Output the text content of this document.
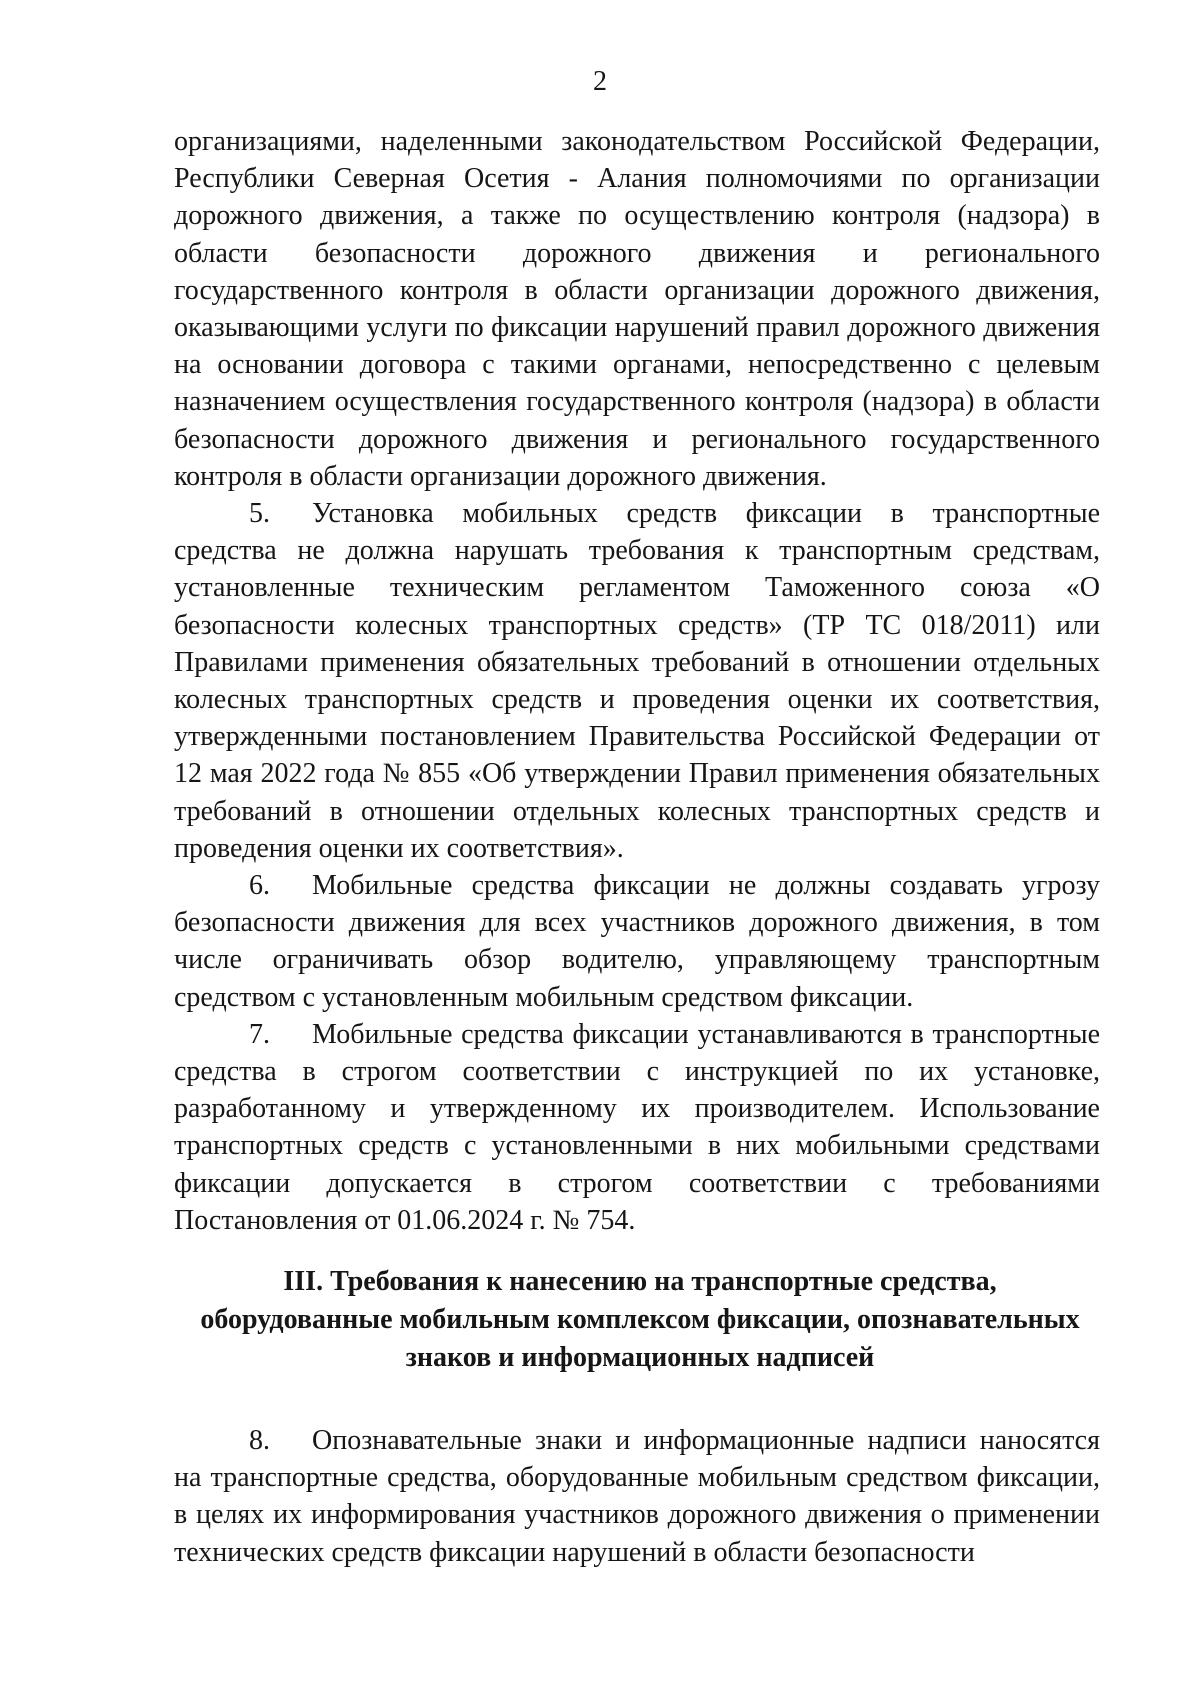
2

организациями, наделенными законодательством Российской Федерации, Республики Северная Осетия - Алания полномочиями по организации дорожного движения, а также по осуществлению контроля (надзора) в области безопасности дорожного движения и регионального государственного контроля в области организации дорожного движения, оказывающими услуги по фиксации нарушений правил дорожного движения на основании договора с такими органами, непосредственно с целевым назначением осуществления государственного контроля (надзора) в области безопасности дорожного движения и регионального государственного контроля в области организации дорожного движения.

5. Установка мобильных средств фиксации в транспортные средства не должна нарушать требования к транспортным средствам, установленные техническим регламентом Таможенного союза «О безопасности колесных транспортных средств» (ТР ТС 018/2011) или Правилами применения обязательных требований в отношении отдельных колесных транспортных средств и проведения оценки их соответствия, утвержденными постановлением Правительства Российской Федерации от 12 мая 2022 года № 855 «Об утверждении Правил применения обязательных требований в отношении отдельных колесных транспортных средств и проведения оценки их соответствия».

6. Мобильные средства фиксации не должны создавать угрозу безопасности движения для всех участников дорожного движения, в том числе ограничивать обзор водителю, управляющему транспортным средством с установленным мобильным средством фиксации.

7. Мобильные средства фиксации устанавливаются в транспортные средства в строгом соответствии с инструкцией по их установке, разработанному и утвержденному их производителем. Использование транспортных средств с установленными в них мобильными средствами фиксации допускается в строгом соответствии с требованиями Постановления от 01.06.2024 г. № 754.

III. Требования к нанесению на транспортные средства,
оборудованные мобильным комплексом фиксации, опознавательных
знаков и информационных надписей

8. Опознавательные знаки и информационные надписи наносятся на транспортные средства, оборудованные мобильным средством фиксации, в целях их информирования участников дорожного движения о применении технических средств фиксации нарушений в области безопасности
